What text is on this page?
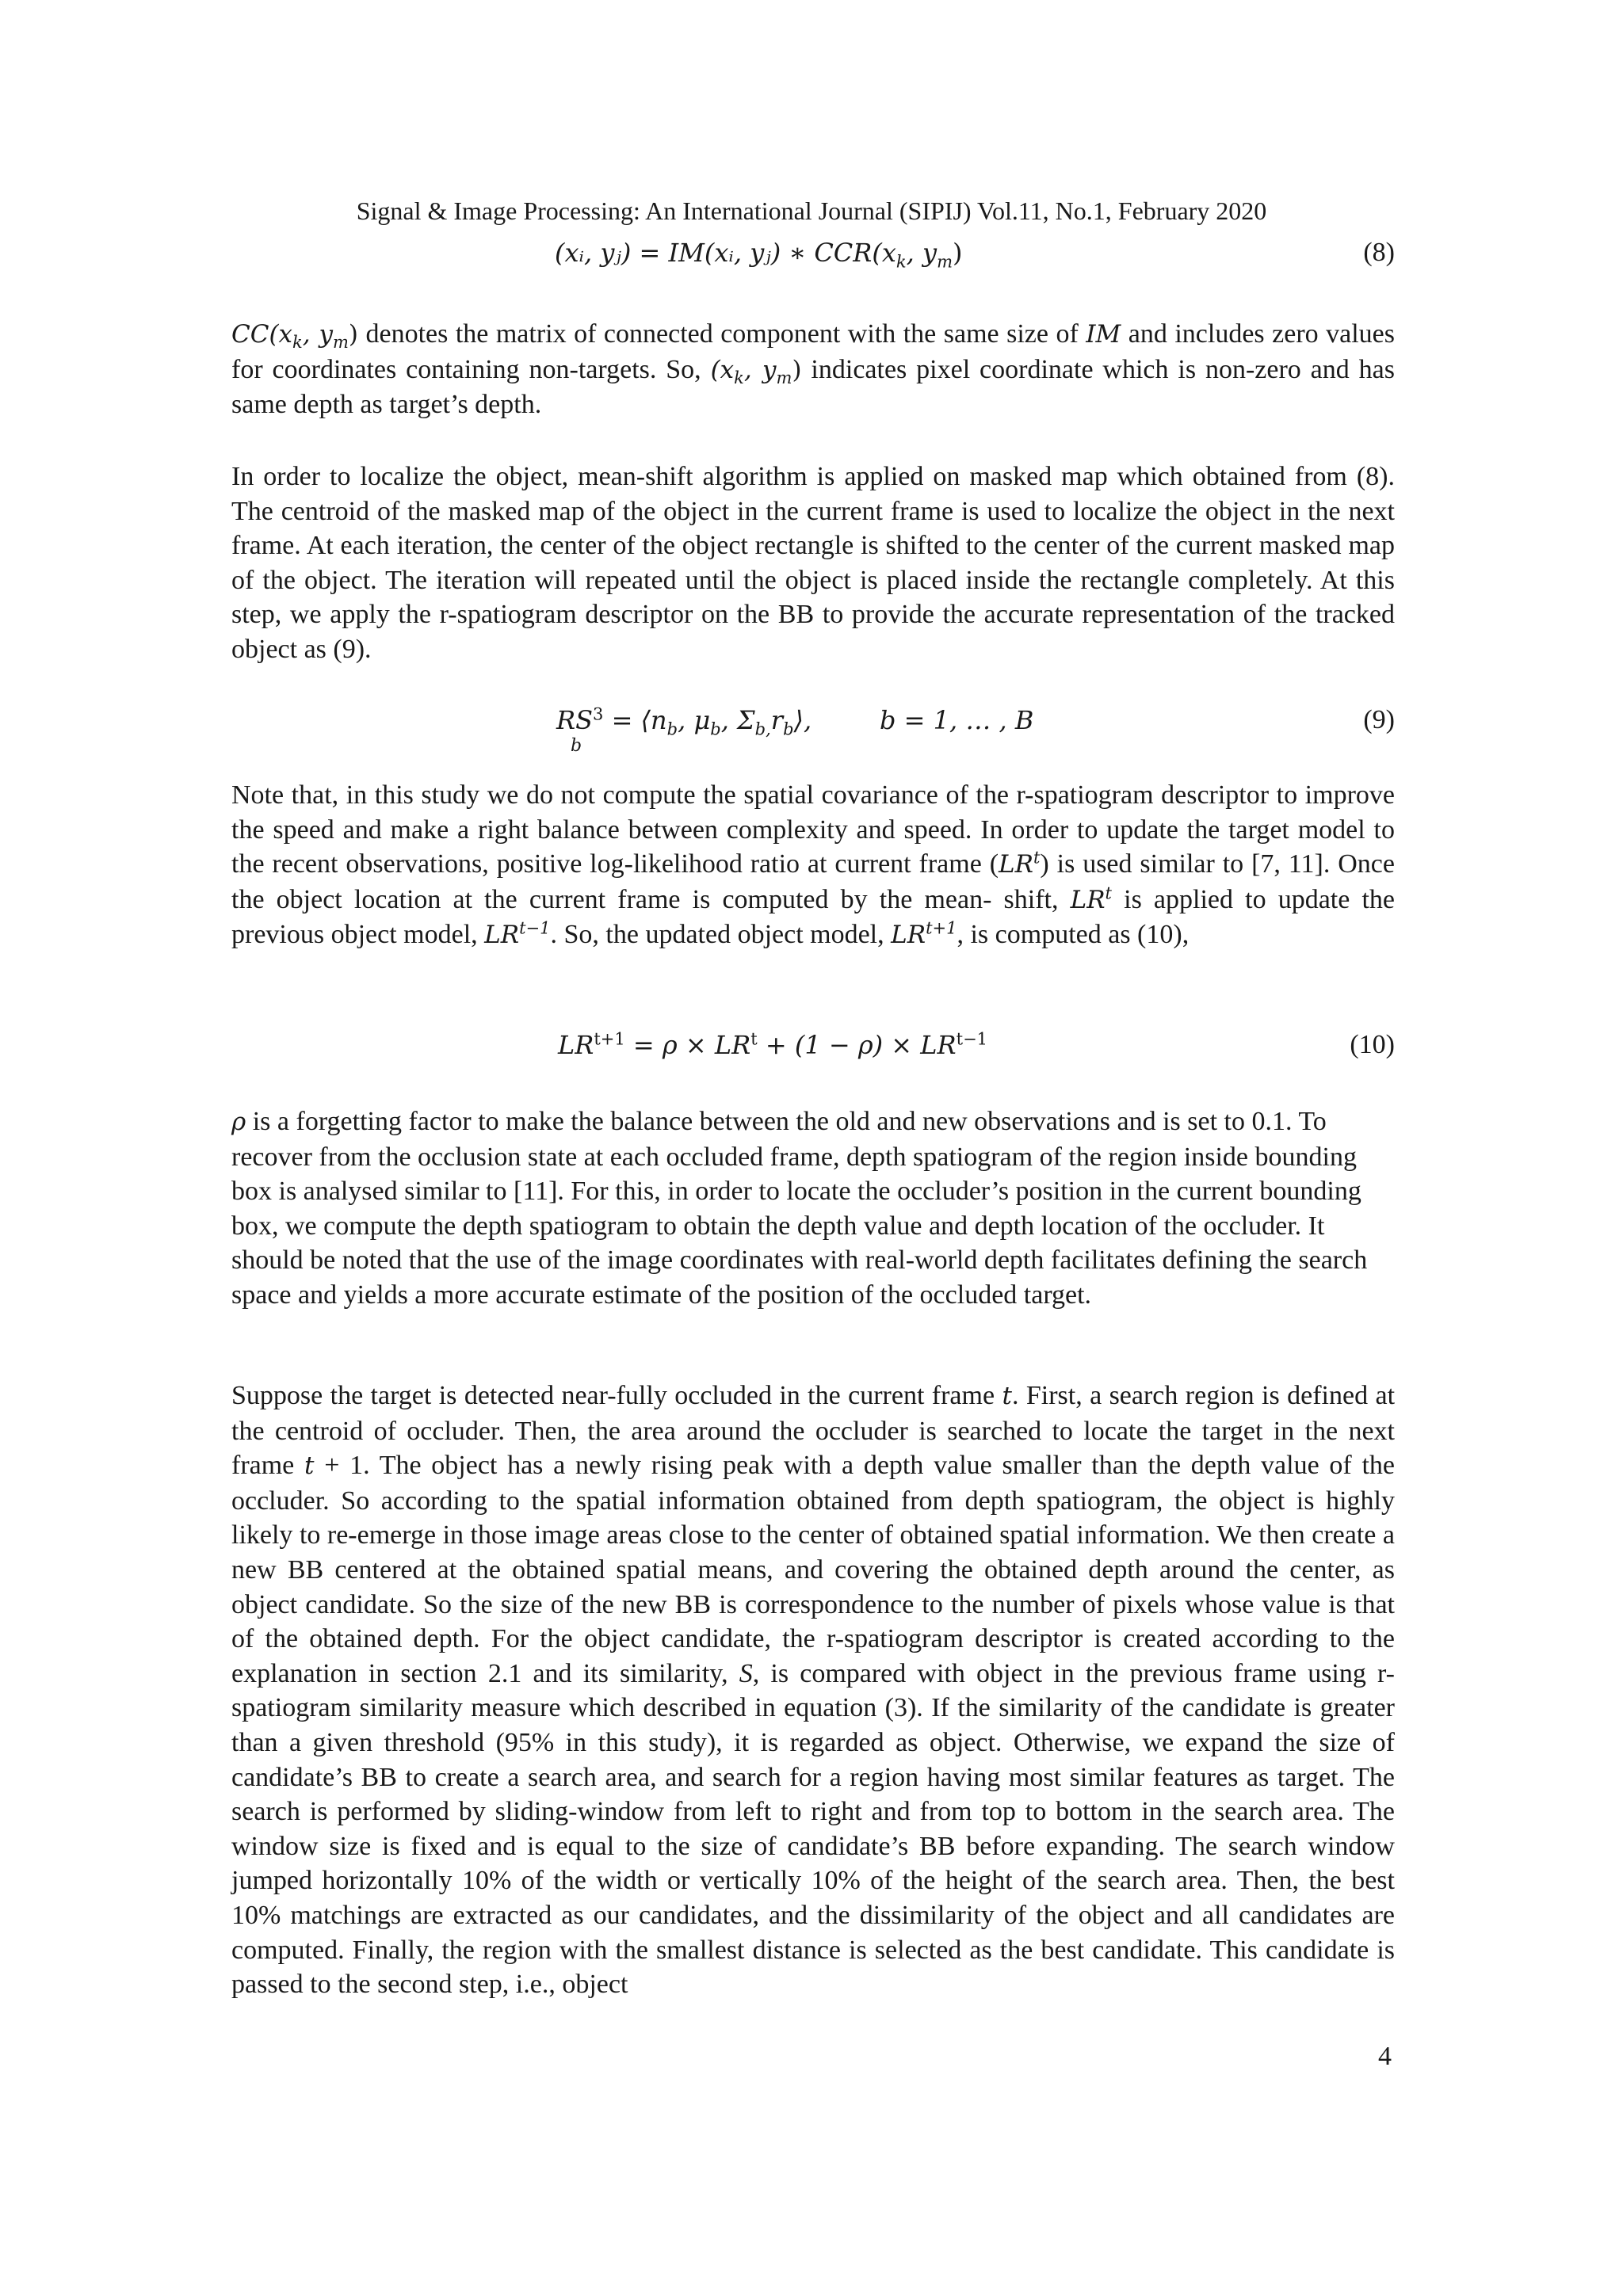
Signal & Image Processing: An International Journal (SIPIJ) Vol.11, No.1, February 2020
(xᵢ, yⱼ) = IM(xᵢ, yⱼ) ∗ $CCR(x_k$, $y_m$)	(8)

$CC(x_k$, $y_m$) denotes the matrix of connected component with the same size of IM and includes zero values for coordinates containing non-targets. So, ($x_k$, $y_m$) indicates pixel coordinate which is non-zero and has same depth as target’s depth.

In order to localize the object, mean-shift algorithm is applied on masked map which obtained from (8). The centroid of the masked map of the object in the current frame is used to localize the object in the next frame. At each iteration, the center of the object rectangle is shifted to the center of the current masked map of the object. The iteration will repeated until the object is placed inside the rectangle completely. At this step, we apply the r-spatiogram descriptor on the BB to provide the accurate representation of the tracked object as (9).

$RS^3$ = $⟨n_b$, $\mu_b$, $\Sigma_{b,}r_b⟩$,	b = 1, … , B
b
(9)

Note that, in this study we do not compute the spatial covariance of the r-spatiogram descriptor to improve the speed and make a right balance between complexity and speed. In order to update the target model to the recent observations, positive log-likelihood ratio at current frame $(LR^t)$ is used similar to [7, 11]. Once the object location at the current frame is computed by the mean- shift, $LR^t$ is applied to update the previous object model, $LR^{t-1}$. So, the updated object model, $LR^{t+1}$, is computed as (10),

$LR^{t+1} = \rho \times LR^t + (1 - \rho) \times LR^{t-1}$	(10)

ρ is a forgetting factor to make the balance between the old and new observations and is set to 0.1. To recover from the occlusion state at each occluded frame, depth spatiogram of the region inside bounding box is analysed similar to [11]. For this, in order to locate the occluder’s position in the current bounding box, we compute the depth spatiogram to obtain the depth value and depth location of the occluder. It should be noted that the use of the image coordinates with real-world depth facilitates defining the search space and yields a more accurate estimate of the position of the occluded target.

Suppose the target is detected near-fully occluded in the current frame t. First, a search region is defined at the centroid of occluder. Then, the area around the occluder is searched to locate the target in the next frame t + 1. The object has a newly rising peak with a depth value smaller than the depth value of the occluder. So according to the spatial information obtained from depth spatiogram, the object is highly likely to re-emerge in those image areas close to the center of obtained spatial information. We then create a new BB centered at the obtained spatial means, and covering the obtained depth around the center, as object candidate. So the size of the new BB is correspondence to the number of pixels whose value is that of the obtained depth. For the object candidate, the r-spatiogram descriptor is created according to the explanation in section 2.1 and its similarity, S, is compared with object in the previous frame using r-spatiogram similarity measure which described in equation (3). If the similarity of the candidate is greater than a given threshold (95% in this study), it is regarded as object. Otherwise, we expand the size of candidate’s BB to create a search area, and search for a region having most similar features as target. The search is performed by sliding-window from left to right and from top to bottom in the search area. The window size is fixed and is equal to the size of candidate’s BB before expanding. The search window jumped horizontally 10% of the width or vertically 10% of the height of the search area. Then, the best 10% matchings are extracted as our candidates, and the dissimilarity of the object and all candidates are computed. Finally, the region with the smallest distance is selected as the best candidate. This candidate is passed to the second step, i.e., object

4
